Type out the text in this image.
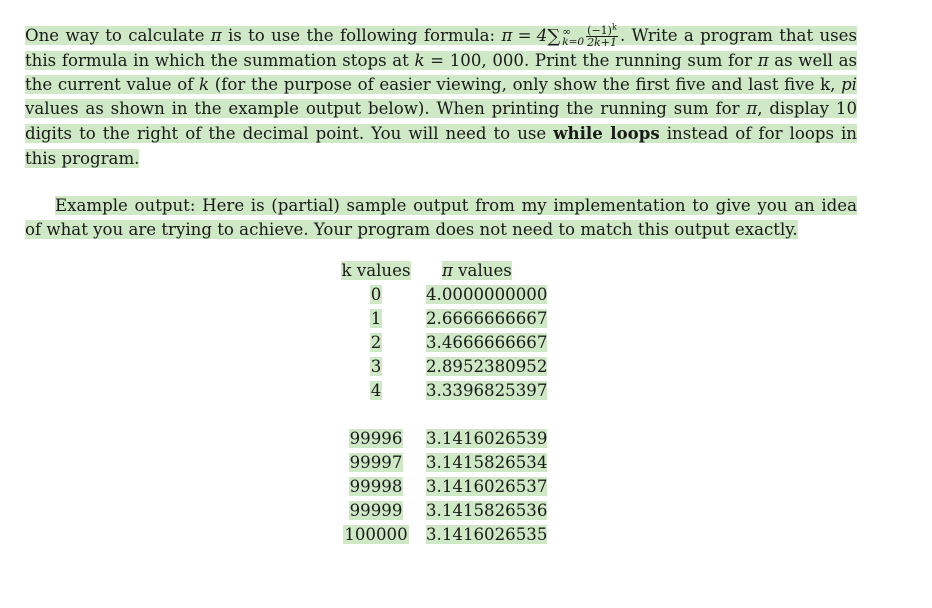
One way to calculate π is to use the following formula: π = 4∑ ∞
$k=0 \frac{(-1)^k}{2k+1}$ . Write a program that uses this formula in which the summation stops at k = 100, 000. Print the running sum for π as well as the current value of k (for the purpose of easier viewing, only show the first five and last five k, pi values as shown in the example output below). When printing the running sum for π, display 10 digits to the right of the decimal point. You will need to use while loops instead of for loops in this program.

Example output: Here is (partial) sample output from my implementation to give you an idea of what you are trying to achieve. Your program does not need to match this output exactly.

k values
0
1
2
3
4
99996
99997
99998
99999
100000
π values
4.0000000000
2.6666666667
3.4666666667
2.8952380952
3.3396825397
3.1416026539
3.1415826534
3.1416026537
3.1415826536
3.1416026535
